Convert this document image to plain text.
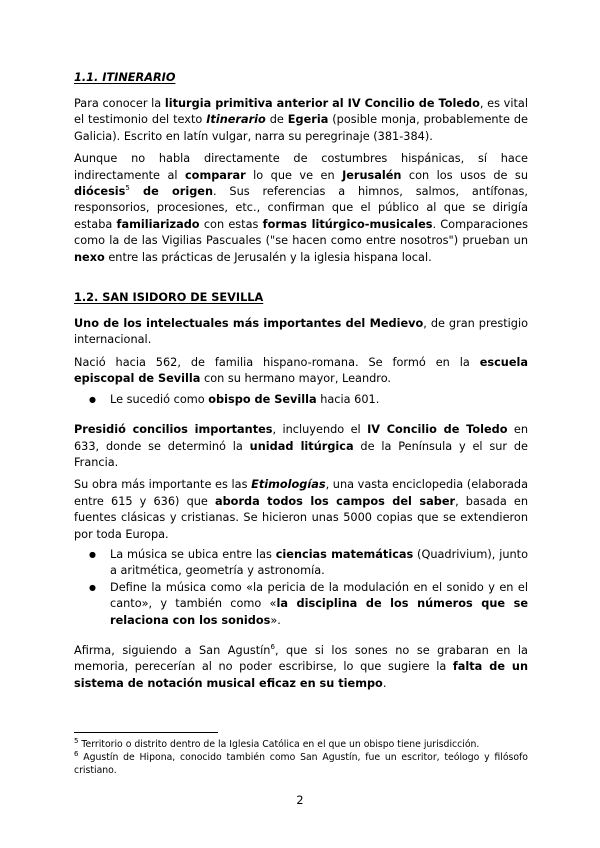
1.1. ITINERARIO

Para conocer la liturgia primitiva anterior al IV Concilio de Toledo, es vital el testimonio del texto Itinerario de Egeria (posible monja, probablemente de Galicia). Escrito en latín vulgar, narra su peregrinaje (381-384).

Aunque no habla directamente de costumbres hispánicas, sí hace indirectamente al comparar lo que ve en Jerusalén con los usos de su diócesis$^5$ de origen. Sus referencias a himnos, salmos, antífonas, responsorios, procesiones, etc., confirman que el público al que se dirigía estaba familiarizado con estas formas litúrgico-musicales. Comparaciones como la de las Vigilias Pascuales ("se hacen como entre nosotros") prueban un nexo entre las prácticas de Jerusalén y la iglesia hispana local.

1.2. SAN ISIDORO DE SEVILLA

Uno de los intelectuales más importantes del Medievo, de gran prestigio internacional.

Nació hacia 562, de familia hispano-romana. Se formó en la escuela episcopal de Sevilla con su hermano mayor, Leandro.

● Le sucedió como obispo de Sevilla hacia 601.

Presidió concilios importantes, incluyendo el IV Concilio de Toledo en 633, donde se determinó la unidad litúrgica de la Península y el sur de Francia.

Su obra más importante es las Etimologías, una vasta enciclopedia (elaborada entre 615 y 636) que aborda todos los campos del saber, basada en fuentes clásicas y cristianas. Se hicieron unas 5000 copias que se extendieron por toda Europa.

● La música se ubica entre las ciencias matemáticas (Quadrivium), junto a aritmética, geometría y astronomía.
● Define la música como «la pericia de la modulación en el sonido y en el canto», y también como «la disciplina de los números que se relaciona con los sonidos».

Afirma, siguiendo a San Agustín$^6$, que si los sones no se grabaran en la memoria, perecerían al no poder escribirse, lo que sugiere la falta de un sistema de notación musical eficaz en su tiempo.

$^5$ Territorio o distrito dentro de la Iglesia Católica en el que un obispo tiene jurisdicción.
$^6$ Agustín de Hipona, conocido también como San Agustín, fue un escritor, teólogo y filósofo cristiano.
2
